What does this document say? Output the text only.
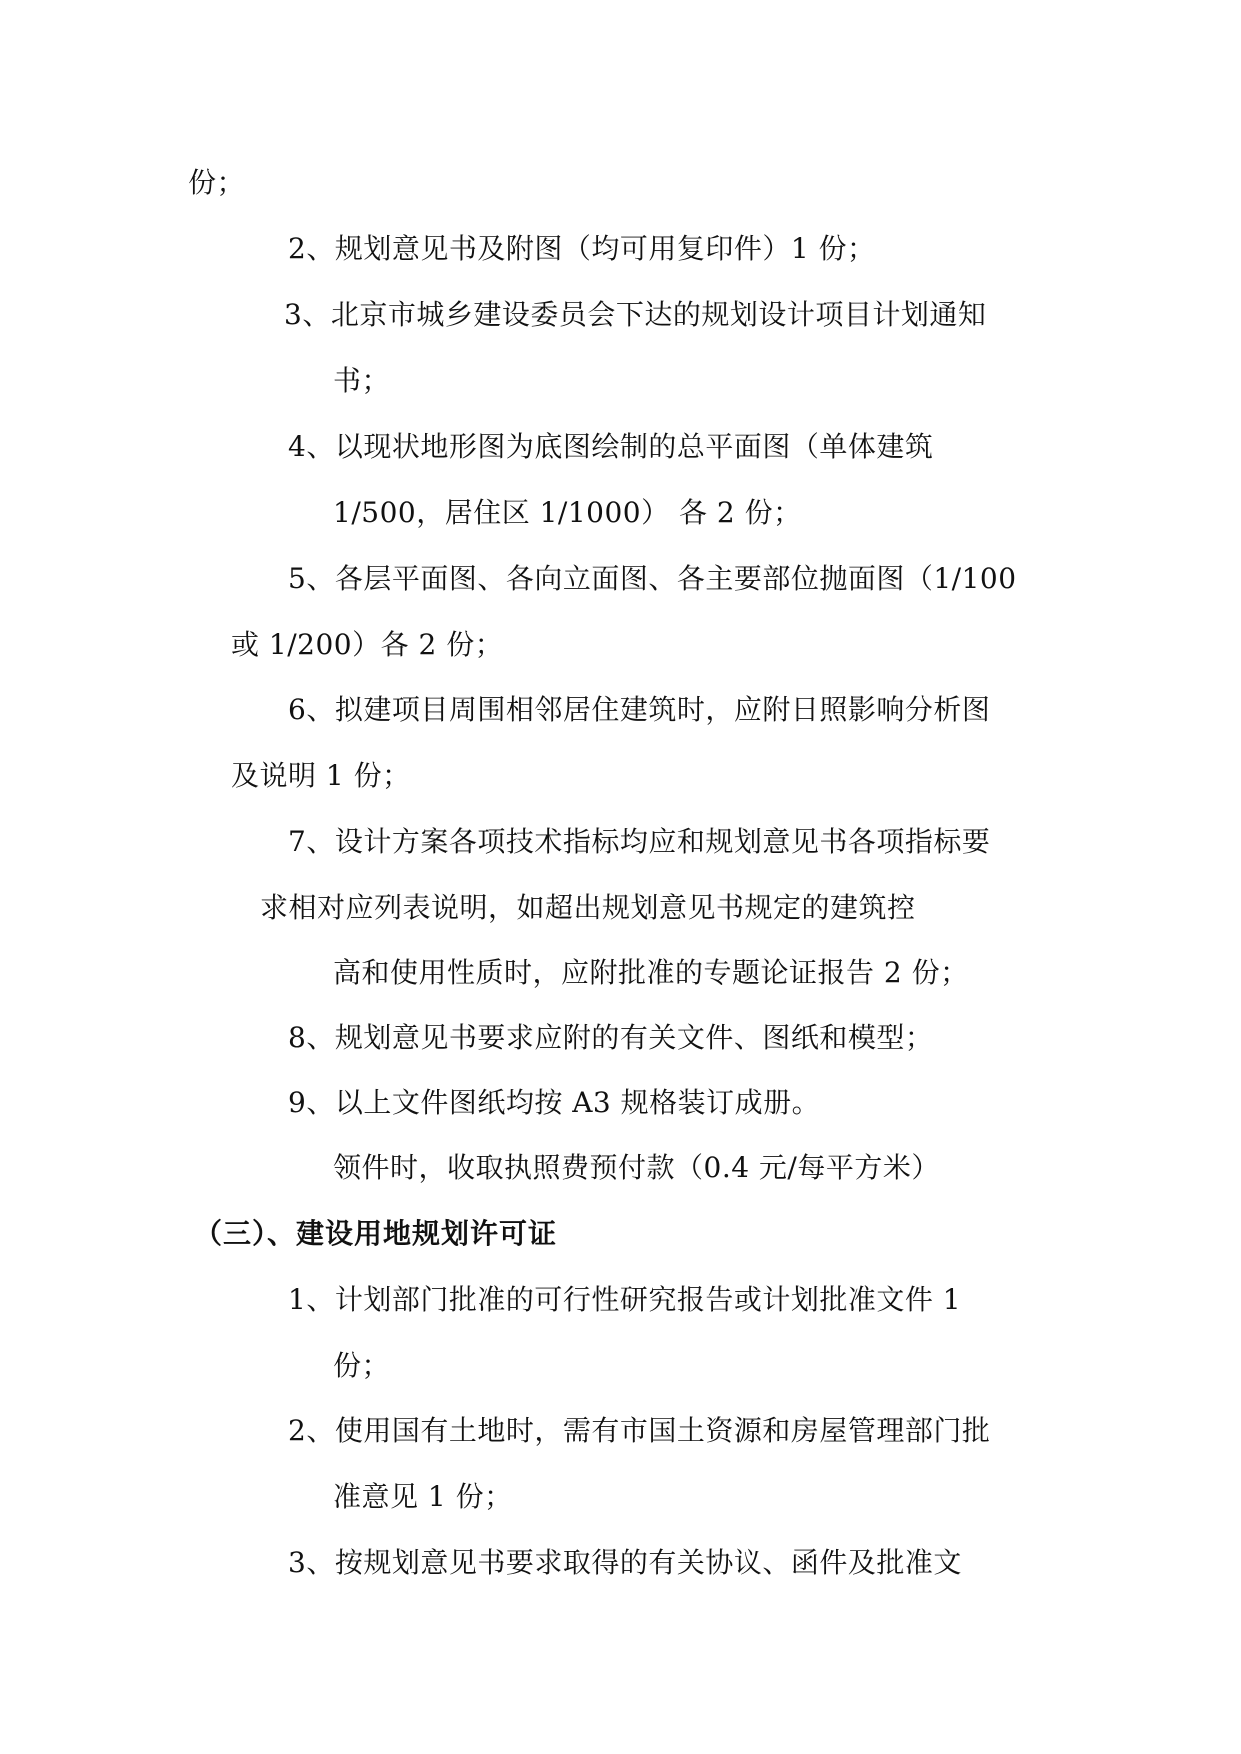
份；
2、规划意见书及附图（均可用复印件）1 份；
3、北京市城乡建设委员会下达的规划设计项目计划通知
书；
4、以现状地形图为底图绘制的总平面图（单体建筑
1/500，居住区 1/1000） 各 2 份；
5、各层平面图、各向立面图、各主要部位抛面图（1/100
或 1/200）各 2 份；
6、拟建项目周围相邻居住建筑时，应附日照影响分析图
及说明 1 份；
7、设计方案各项技术指标均应和规划意见书各项指标要
求相对应列表说明，如超出规划意见书规定的建筑控
高和使用性质时，应附批准的专题论证报告 2 份；
8、规划意见书要求应附的有关文件、图纸和模型；
9、以上文件图纸均按 A3 规格装订成册。
领件时，收取执照费预付款（0.4 元/每平方米）
（三）、建设用地规划许可证
1、计划部门批准的可行性研究报告或计划批准文件 1
份；
2、使用国有土地时，需有市国土资源和房屋管理部门批
准意见 1 份；
3、按规划意见书要求取得的有关协议、函件及批准文
